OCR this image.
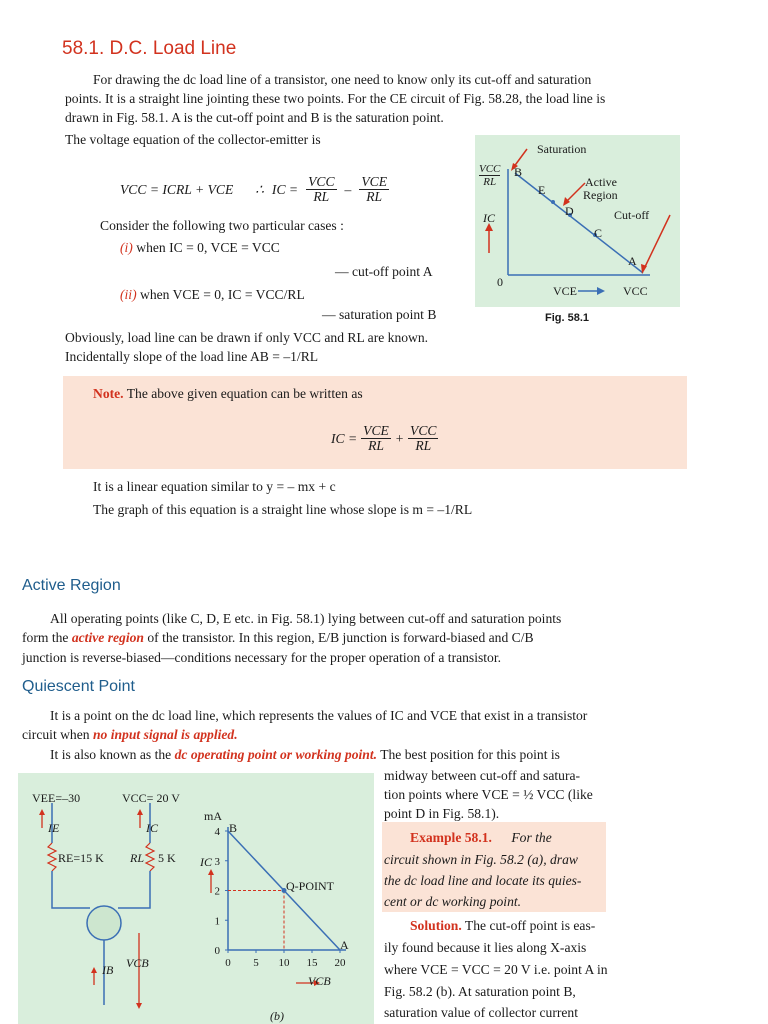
58.1. D.C. Load Line
For drawing the dc load line of a transistor, one need to know only its cut-off and saturation
points. It is a straight line jointing these two points. For the CE circuit of Fig. 58.28, the load line is
drawn in Fig. 58.1. A is the cut-off point and B is the saturation point.
The voltage equation of the collector-emitter is
VCC = ICRL + VCE ∴ IC = $\frac{\text{VCC}}{RL} - \frac{\text{VCE}}{RL}$
Consider the following two particular cases :
(i) when IC = 0, VCE = VCC
— cut-off point A
(ii) when VCE = 0, IC = VCC/RL
— saturation point B
Obviously, load line can be drawn if only VCC and RL are known.
Incidentally slope of the load line AB = –1/RL
Saturation
Active
Region
Cut-off
VCC
RL
IC
0
VCE	VCC
B
E
D
C
A
Fig. 58.1
Note. The above given equation can be written as
IC = $\frac{\text{VCE}}{RL} + \frac{\text{VCC}}{RL}$
It is a linear equation similar to y = – mx + c
The graph of this equation is a straight line whose slope is m = –1/RL
Active Region
All operating points (like C, D, E etc. in Fig. 58.1) lying between cut-off and saturation points
form the active region of the transistor. In this region, E/B junction is forward-biased and C/B
junction is reverse-biased—conditions necessary for the proper operation of a transistor.
Quiescent Point
It is a point on the dc load line, which represents the values of IC and VCE that exist in a transistor
circuit when no input signal is applied.
It is also known as the dc operating point or working point. The best position for this point is
midway between cut-off and satura-
tion points where VCE = ½ VCC (like
point D in Fig. 58.1).
Example 58.1. For the
circuit shown in Fig. 58.2 (a), draw
the dc load line and locate its quies-
cent or dc working point.
Solution. The cut-off point is eas-
ily found because it lies along X-axis
where VCE = VCC = 20 V i.e. point A in
Fig. 58.2 (b). At saturation point B,
saturation value of collector current
0
1
2
3
4
0 5 10 15 20
VEE=–30	VCC= 20 V
IE	IC
RE=15 K RL 5 K
VCB
IB
mA
IC
B
Q-POINT
A
VCB
(b)
